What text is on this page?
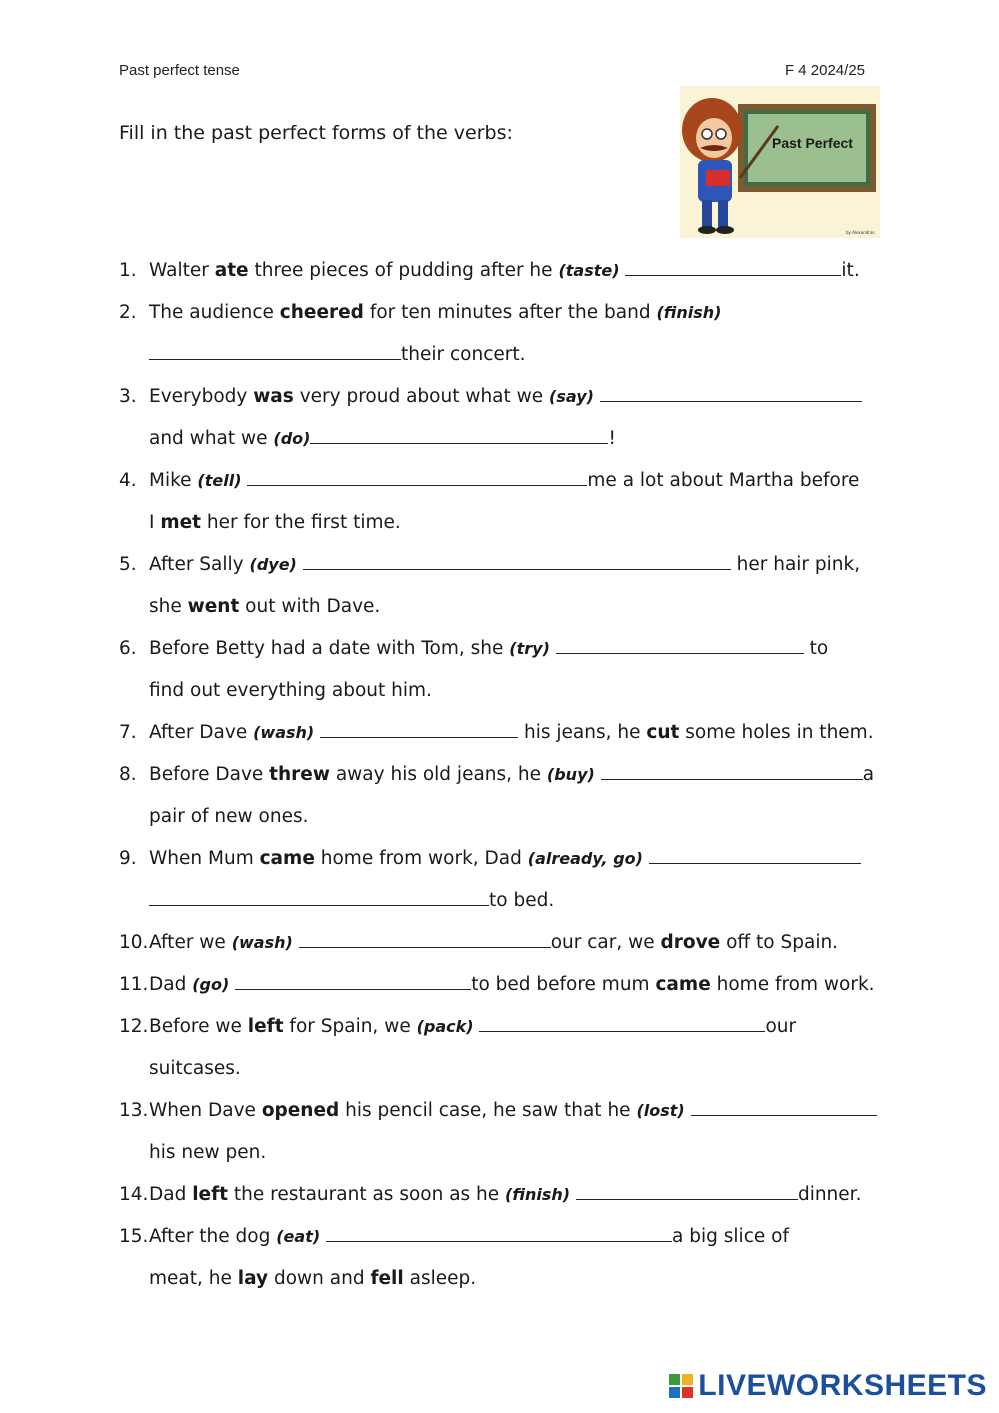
Past perfect tense	F 4 2024/25
Fill in the past perfect forms of the verbs:	Past Perfect
by Alexandras
1. Walter ate three pieces of pudding after he (taste)	it.
2. The audience cheered for ten minutes after the band (finish)
their concert.
3. Everybody was very proud about what we (say)
and what we (do)	!
4. Mike (tell)	me a lot about Martha before
I met her for the first time.
5. After Sally (dye)	her hair pink,
she went out with Dave.
6. Before Betty had a date with Tom, she (try)	to
find out everything about him.
7. After Dave (wash)	his jeans, he cut some holes in them.
8. Before Dave threw away his old jeans, he (buy)	a
pair of new ones.
9. When Mum came home from work, Dad (already, go)
to bed.
10. After we (wash)	our car, we drove off to Spain.
11. Dad (go)	to bed before mum came home from work.
12. Before we left for Spain, we (pack)	our
suitcases.
13. When Dave opened his pencil case, he saw that he (lost)
his new pen.
14. Dad left the restaurant as soon as he (finish)	dinner.
15. After the dog (eat)	a big slice of
meat, he lay down and fell asleep.
LIVEWORKSHEETS
